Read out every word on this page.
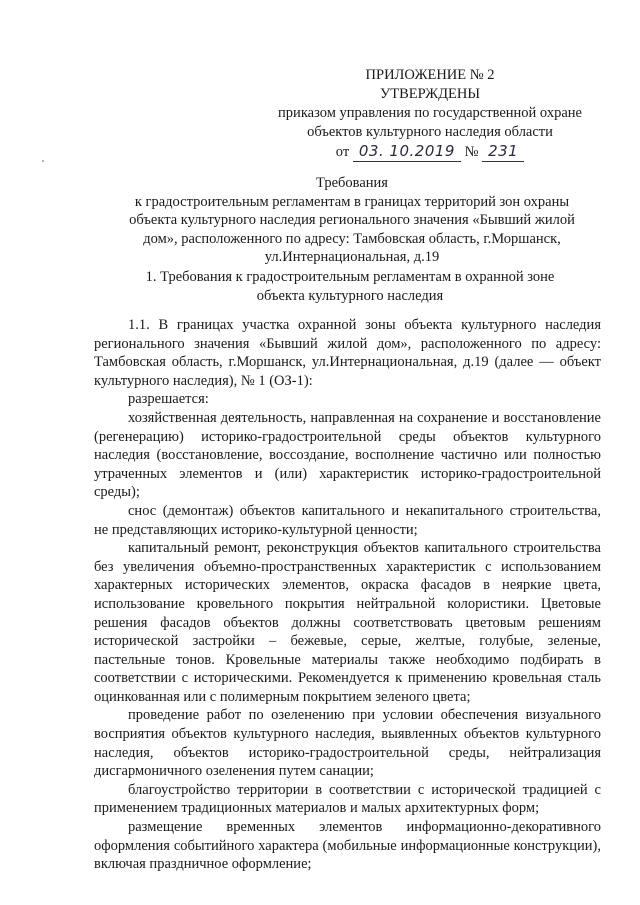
ПРИЛОЖЕНИЕ № 2
УТВЕРЖДЕНЫ
приказом управления по государственной охране
объектов культурного наследия области
от 03. 10.2019 № 231
Требования
к градостроительным регламентам в границах территорий зон охраны
объекта культурного наследия регионального значения «Бывший жилой
дом», расположенного по адресу: Тамбовская область, г.Моршанск,
ул.Интернациональная, д.19
1. Требования к градостроительным регламентам в охранной зоне
объекта культурного наследия

1.1. В границах участка охранной зоны объекта культурного наследия регионального значения «Бывший жилой дом», расположенного по адресу: Тамбовская область, г.Моршанск, ул.Интернациональная, д.19 (далее — объект культурного наследия), № 1 (ОЗ-1):

разрешается:

хозяйственная деятельность, направленная на сохранение и восстановление (регенерацию) историко-градостроительной среды объектов культурного наследия (восстановление, воссоздание, восполнение частично или полностью утраченных элементов и (или) характеристик историко-градостроительной среды);

снос (демонтаж) объектов капитального и некапитального строительства, не представляющих историко-культурной ценности;

капитальный ремонт, реконструкция объектов капитального строительства без увеличения объемно-пространственных характеристик с использованием характерных исторических элементов, окраска фасадов в неяркие цвета, использование кровельного покрытия нейтральной колористики. Цветовые решения фасадов объектов должны соответствовать цветовым решениям исторической застройки – бежевые, серые, желтые, голубые, зеленые, пастельные тонов. Кровельные материалы также необходимо подбирать в соответствии с историческими. Рекомендуется к применению кровельная сталь оцинкованная или с полимерным покрытием зеленого цвета;

проведение работ по озеленению при условии обеспечения визуального восприятия объектов культурного наследия, выявленных объектов культурного наследия, объектов историко-градостроительной среды, нейтрализация дисгармоничного озеленения путем санации;

благоустройство территории в соответствии с исторической традицией с применением традиционных материалов и малых архитектурных форм;

размещение временных элементов информационно-декоративного оформления событийного характера (мобильные информационные конструкции), включая праздничное оформление;
